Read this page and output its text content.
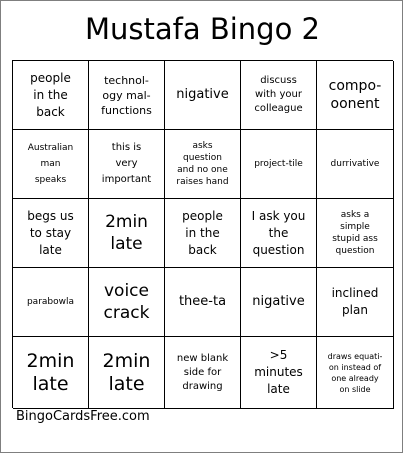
Mustafa Bingo 2
people
in the
back
technol-
ogy mal-
functions
nigative
discuss
with your
colleague
compo-
oonent
Australian
man
speaks
this is
very
important
asks
question
and no one
raises hand
project-tile	durrivative
begs us
to stay
late
2min
late
people
in the
back
I ask you
the
question
asks a
simple
stupid ass
question
parabowla
voice
crack
thee-ta nigative
inclined
plan
2min
late
2min
late
new blank
side for
drawing
>5
minutes
late
draws equati-
on instead of
one already
on slide
BingoCardsFree.com
